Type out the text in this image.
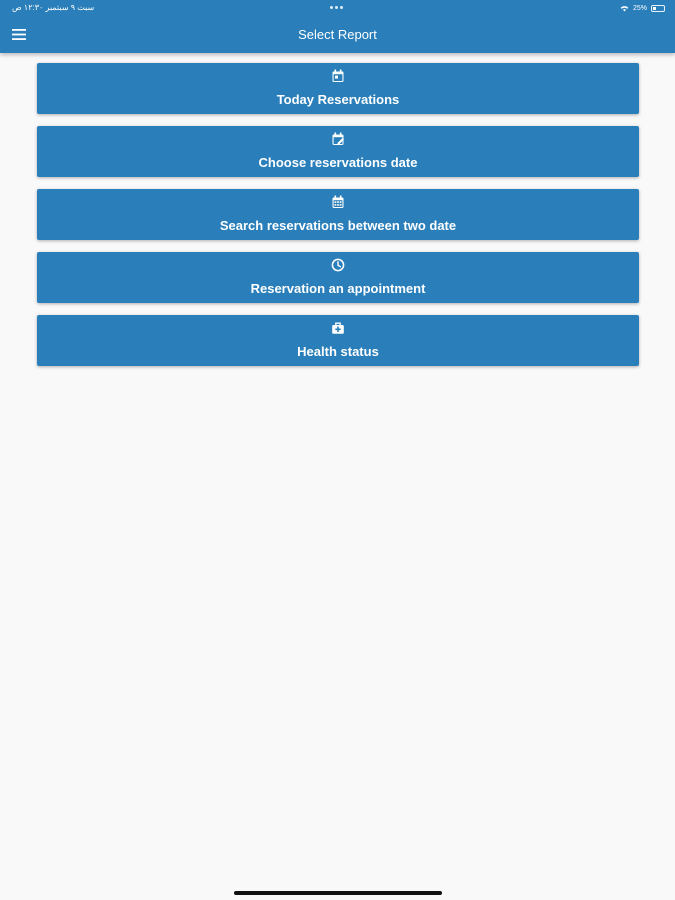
سبت ٩ سبتمبر ١٢:٣٠ ص	25%
Select Report
Today Reservations
Choose reservations date
Search reservations between two date
Reservation an appointment
Health status
